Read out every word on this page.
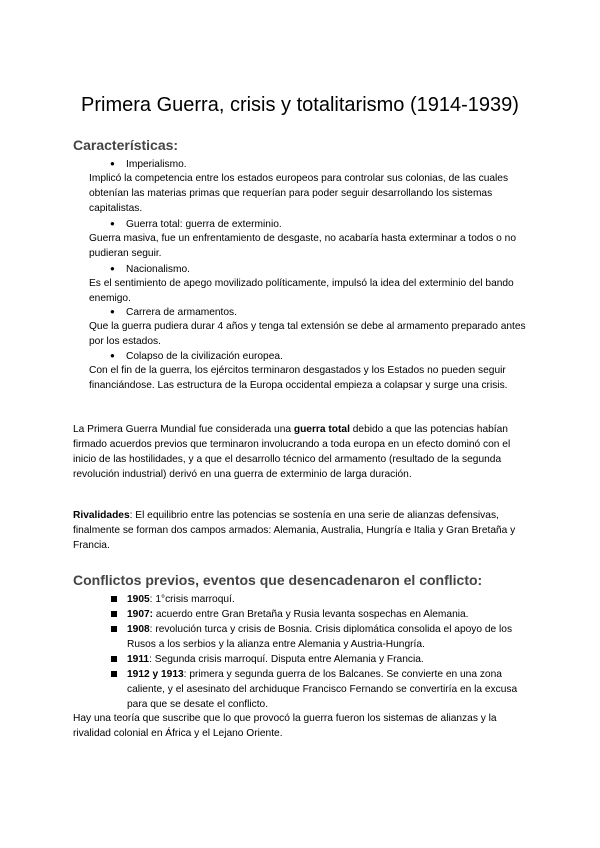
Primera Guerra, crisis y totalitarismo (1914-1939)
Características:
● Imperialismo.

Implicó la competencia entre los estados europeos para controlar sus colonias, de las cuales obtenían las materias primas que requerían para poder seguir desarrollando los sistemas capitalistas.

● Guerra total: guerra de exterminio.

Guerra masiva, fue un enfrentamiento de desgaste, no acabaría hasta exterminar a todos o no pudieran seguir.

● Nacionalismo.

Es el sentimiento de apego movilizado políticamente, impulsó la idea del exterminio del bando enemigo.

● Carrera de armamentos.

Que la guerra pudiera durar 4 años y tenga tal extensión se debe al armamento preparado antes por los estados.

● Colapso de la civilización europea.

Con el fin de la guerra, los ejércitos terminaron desgastados y los Estados no pueden seguir financiándose. Las estructura de la Europa occidental empieza a colapsar y surge una crisis.

La Primera Guerra Mundial fue considerada una guerra total debido a que las potencias habían firmado acuerdos previos que terminaron involucrando a toda europa en un efecto dominó con el inicio de las hostilidades, y a que el desarrollo técnico del armamento (resultado de la segunda revolución industrial) derivó en una guerra de exterminio de larga duración.

Rivalidades: El equilibrio entre las potencias se sostenía en una serie de alianzas defensivas, finalmente se forman dos campos armados: Alemania, Australia, Hungría e Italia y Gran Bretaña y Francia.

Conflictos previos, eventos que desencadenaron el conflicto:
1905: 1°crisis marroquí.
1907: acuerdo entre Gran Bretaña y Rusia levanta sospechas en Alemania.
1908: revolución turca y crisis de Bosnia. Crisis diplomática consolida el apoyo de los Rusos a los serbios y la alianza entre Alemania y Austria-Hungría.
1911: Segunda crisis marroquí. Disputa entre Alemania y Francia.
1912 y 1913: primera y segunda guerra de los Balcanes. Se convierte en una zona caliente, y el asesinato del archiduque Francisco Fernando se convertiría en la excusa para que se desate el conflicto.

Hay una teoría que suscribe que lo que provocó la guerra fueron los sistemas de alianzas y la rivalidad colonial en África y el Lejano Oriente.
